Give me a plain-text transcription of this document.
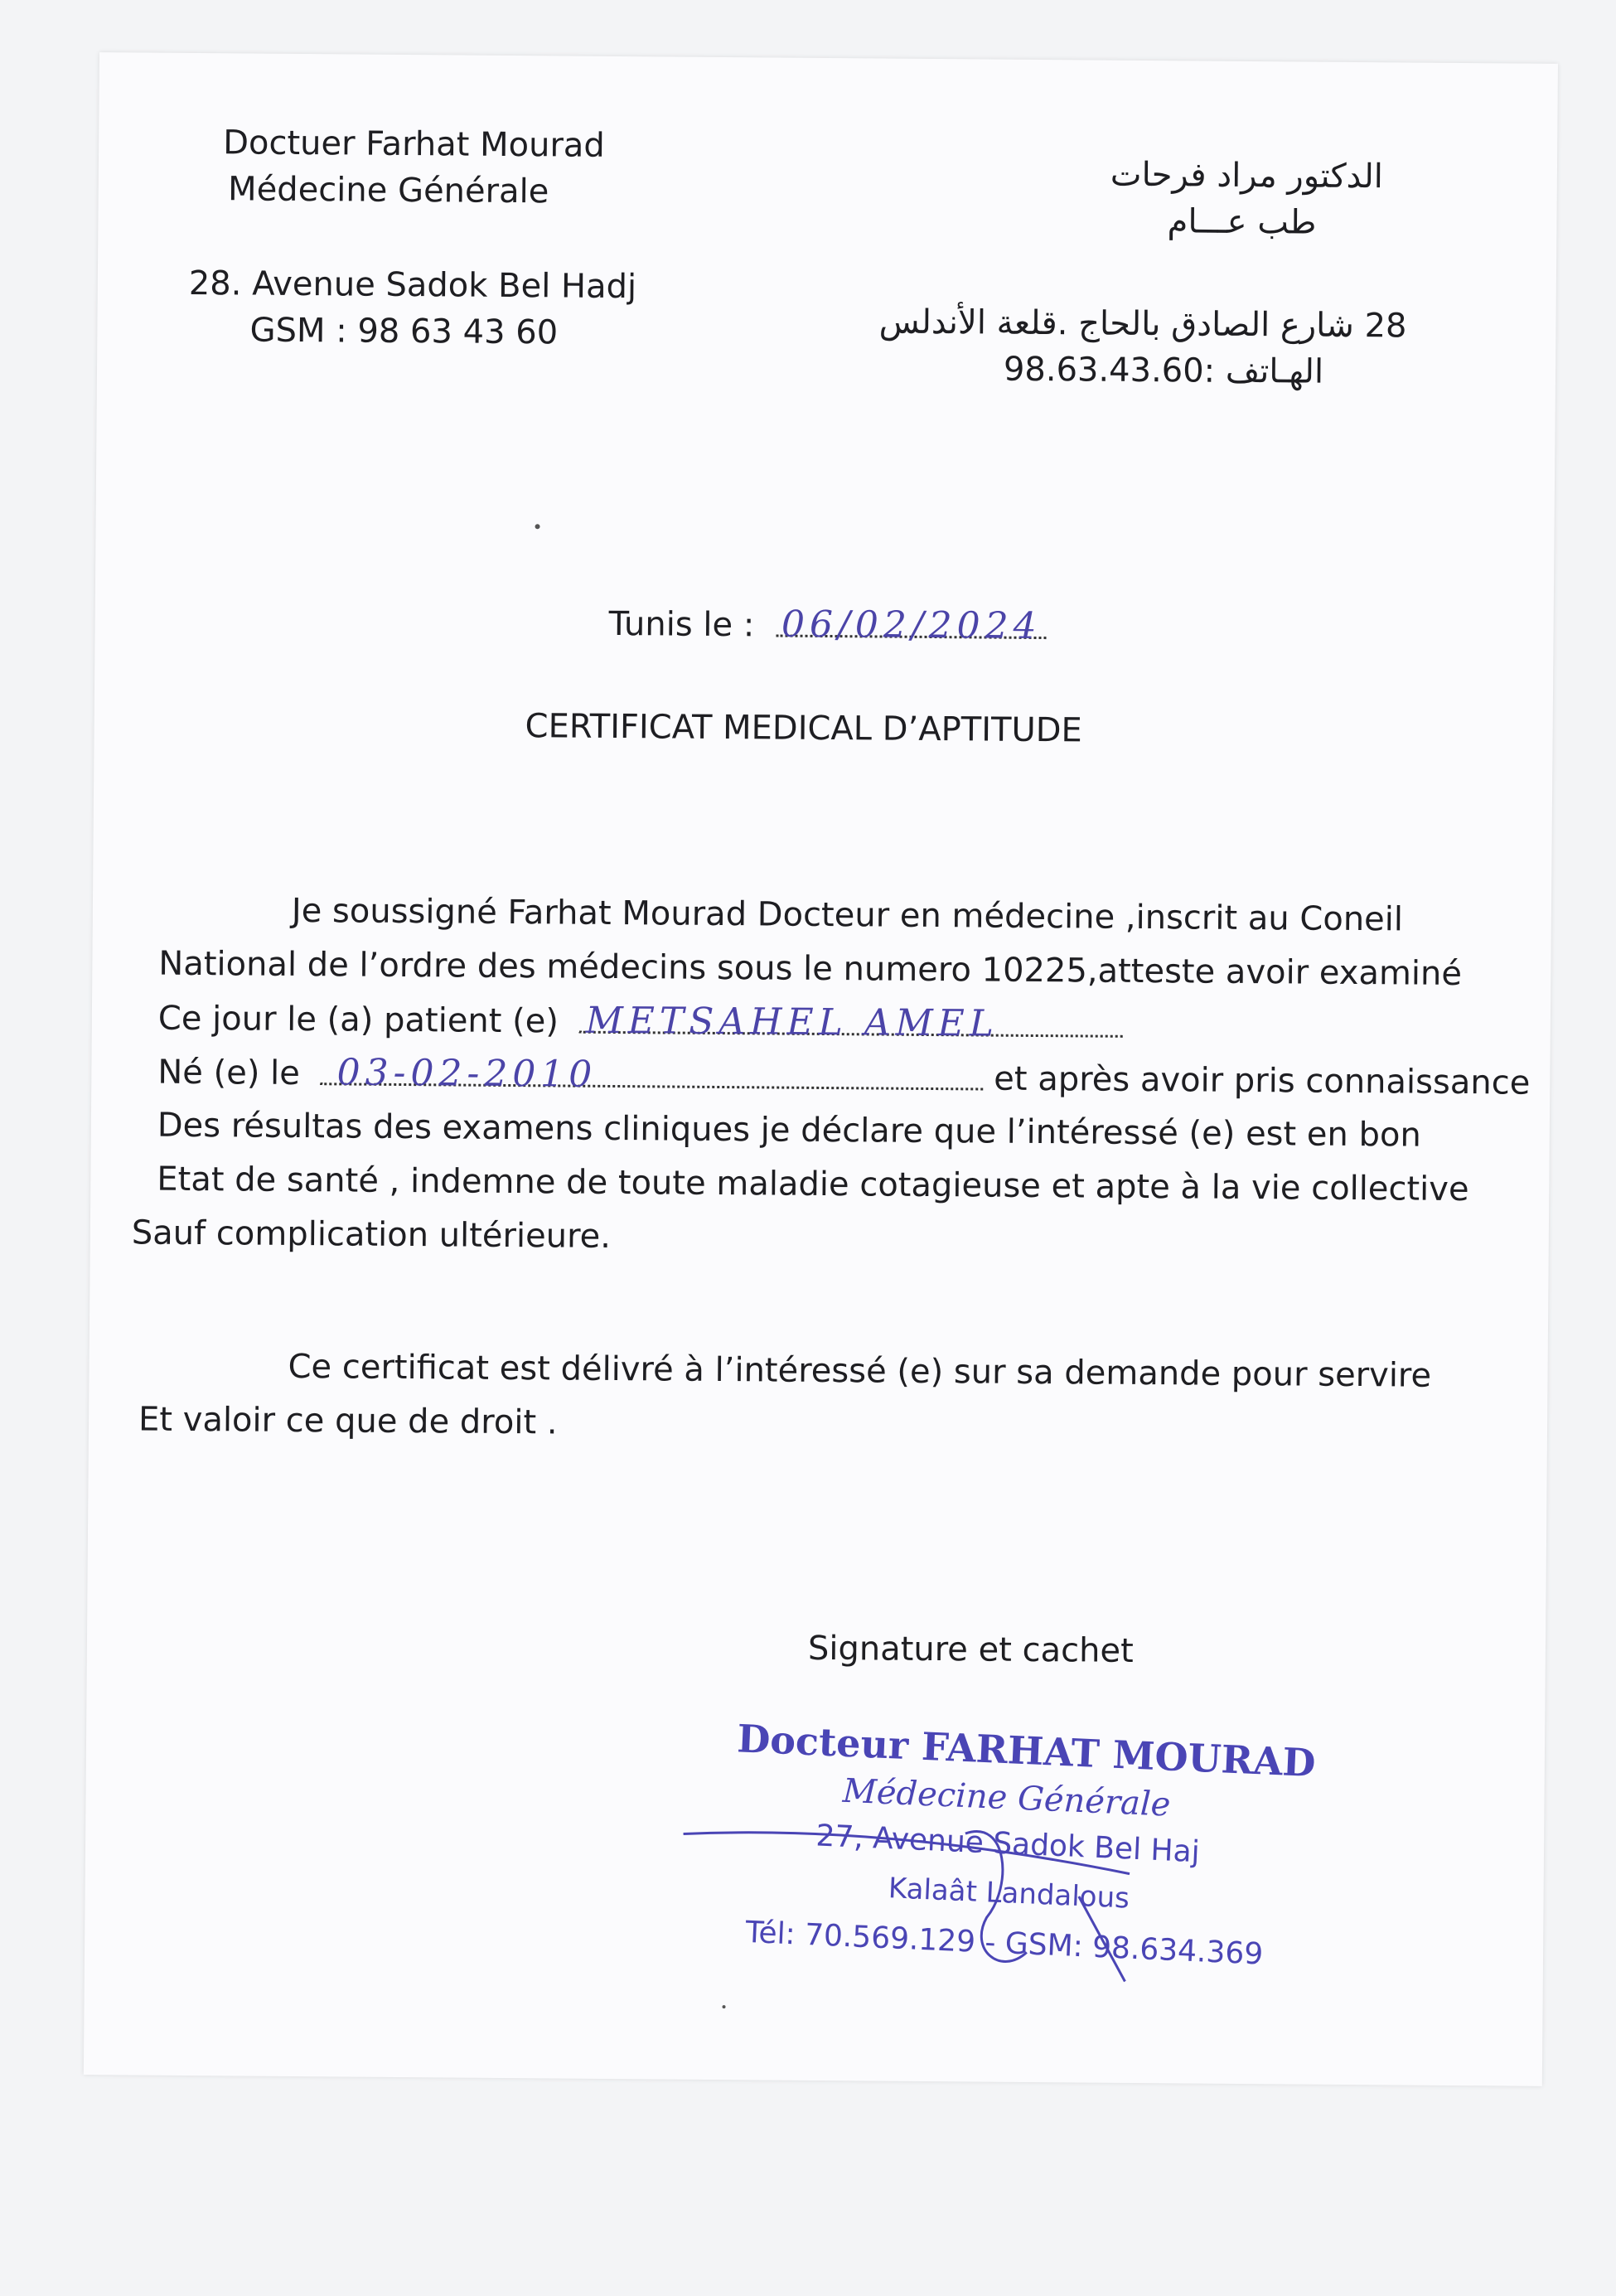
Doctuer Farhat Mourad
Médecine Générale
28. Avenue Sadok Bel Hadj
GSM : 98 63 43 60
الدكتور مراد فرحات
طب عـــام
28 شارع الصادق بالحاج .قلعة الأندلس
الهـاتف 98.63.43.60:
Tunis le : 06/02/2024
CERTIFICAT MEDICAL D’APTITUDE
Je soussigné Farhat Mourad Docteur en médecine ,inscrit au Coneil
National de l’ordre des médecins sous le numero 10225,atteste avoir examiné
Ce jour le (a) patient (e) METSAHEL AMEL
Né (e) le 03-02-2010	et après avoir pris connaissance
Des résultas des examens cliniques je déclare que l’intéressé (e) est en bon
Etat de santé , indemne de toute maladie cotagieuse et apte à la vie collective
Sauf complication ultérieure.
Ce certificat est délivré à l’intéressé (e) sur sa demande pour servire
Et valoir ce que de droit .
Signature et cachet
Docteur FARHAT MOURAD
Médecine Générale
27, Avenue Sadok Bel Haj
Kalaât Landalous
Tél: 70.569.129 - GSM: 98.634.369
